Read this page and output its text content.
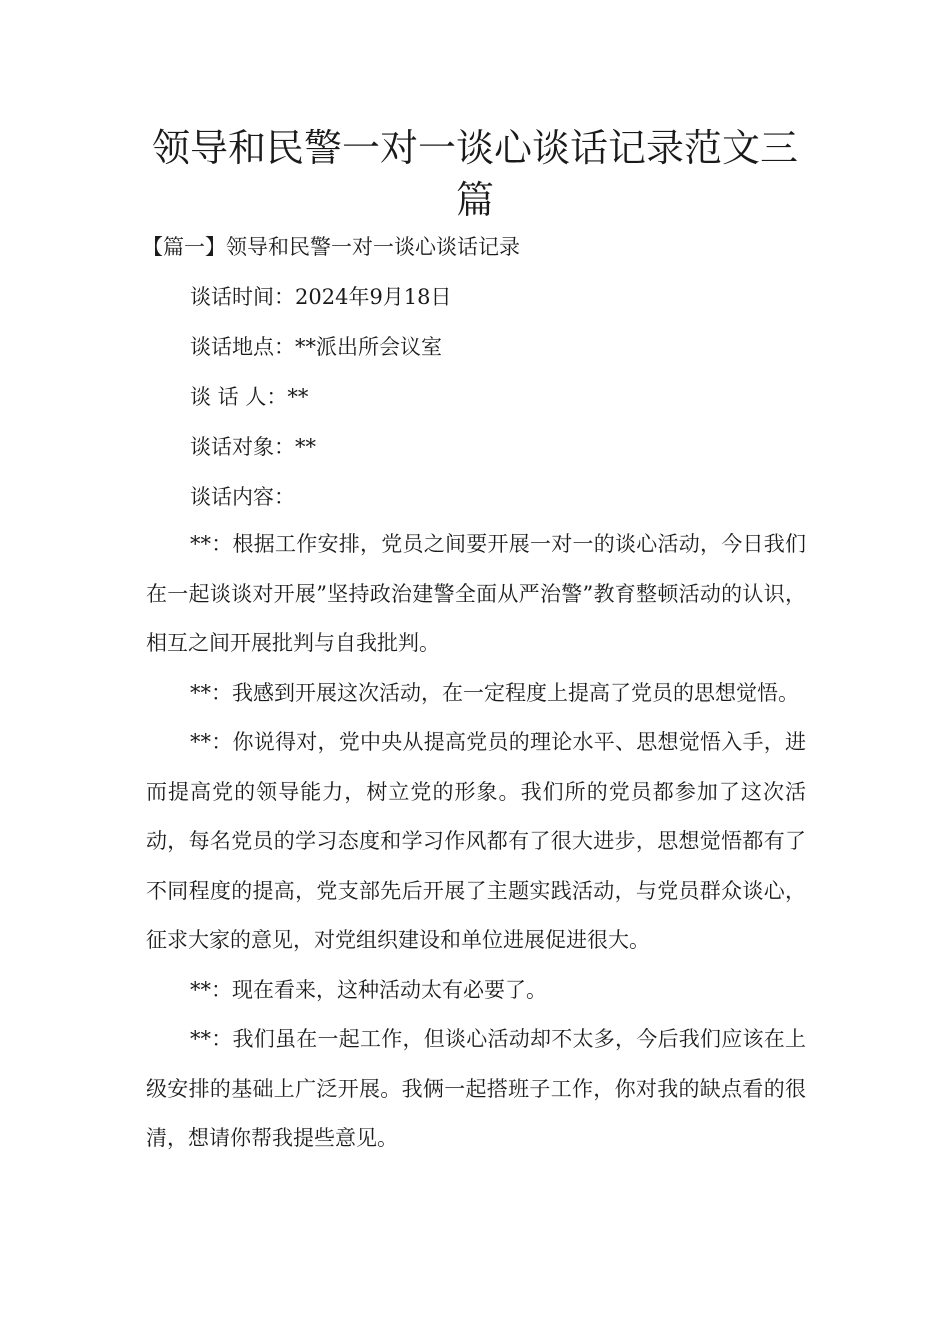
领导和民警一对一谈心谈话记录范文三篇
【篇一】领导和民警一对一谈心谈话记录
谈话时间：2024年9月18日
谈话地点：**派出所会议室
谈 话 人：**
谈话对象：**
谈话内容：

**：根据工作安排，党员之间要开展一对一的谈心活动，今日我们在一起谈谈对开展”坚持政治建警全面从严治警”教育整顿活动的认识，相互之间开展批判与自我批判。

**：我感到开展这次活动，在一定程度上提高了党员的思想觉悟。

**：你说得对，党中央从提高党员的理论水平、思想觉悟入手，进而提高党的领导能力，树立党的形象。我们所的党员都参加了这次活动，每名党员的学习态度和学习作风都有了很大进步，思想觉悟都有了不同程度的提高，党支部先后开展了主题实践活动，与党员群众谈心，征求大家的意见，对党组织建设和单位进展促进很大。

**：现在看来，这种活动太有必要了。

**：我们虽在一起工作，但谈心活动却不太多，今后我们应该在上级安排的基础上广泛开展。我俩一起搭班子工作，你对我的缺点看的很清，想请你帮我提些意见。
